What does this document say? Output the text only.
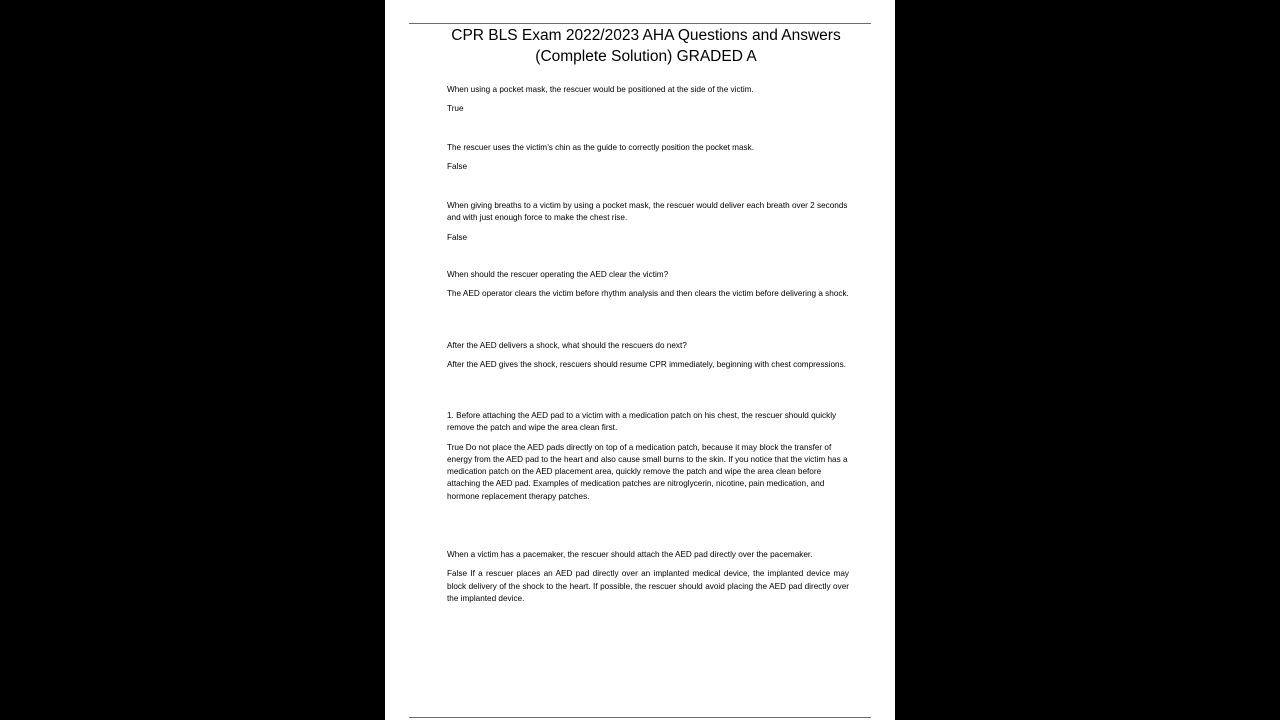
CPR BLS Exam 2022/2023 AHA Questions and Answers (Complete Solution) GRADED A

When using a pocket mask, the rescuer would be positioned at the side of the victim.

True

The rescuer uses the victim’s chin as the guide to correctly position the pocket mask.

False

When giving breaths to a victim by using a pocket mask, the rescuer would deliver each breath over 2 seconds and with just enough force to make the chest rise.

False

When should the rescuer operating the AED clear the victim?

The AED operator clears the victim before rhythm analysis and then clears the victim before delivering a shock.

After the AED delivers a shock, what should the rescuers do next?

After the AED gives the shock, rescuers should resume CPR immediately, beginning with chest compressions.

1. Before attaching the AED pad to a victim with a medication patch on his chest, the rescuer should quickly remove the patch and wipe the area clean first.

True Do not place the AED pads directly on top of a medication patch, because it may block the transfer of energy from the AED pad to the heart and also cause small burns to the skin. If you notice that the victim has a medication patch on the AED placement area, quickly remove the patch and wipe the area clean before attaching the AED pad. Examples of medication patches are nitroglycerin, nicotine, pain medication, and hormone replacement therapy patches.

When a victim has a pacemaker, the rescuer should attach the AED pad directly over the pacemaker.

False If a rescuer places an AED pad directly over an implanted medical device, the implanted device may block delivery of the shock to the heart. If possible, the rescuer should avoid placing the AED pad directly over the implanted device.
